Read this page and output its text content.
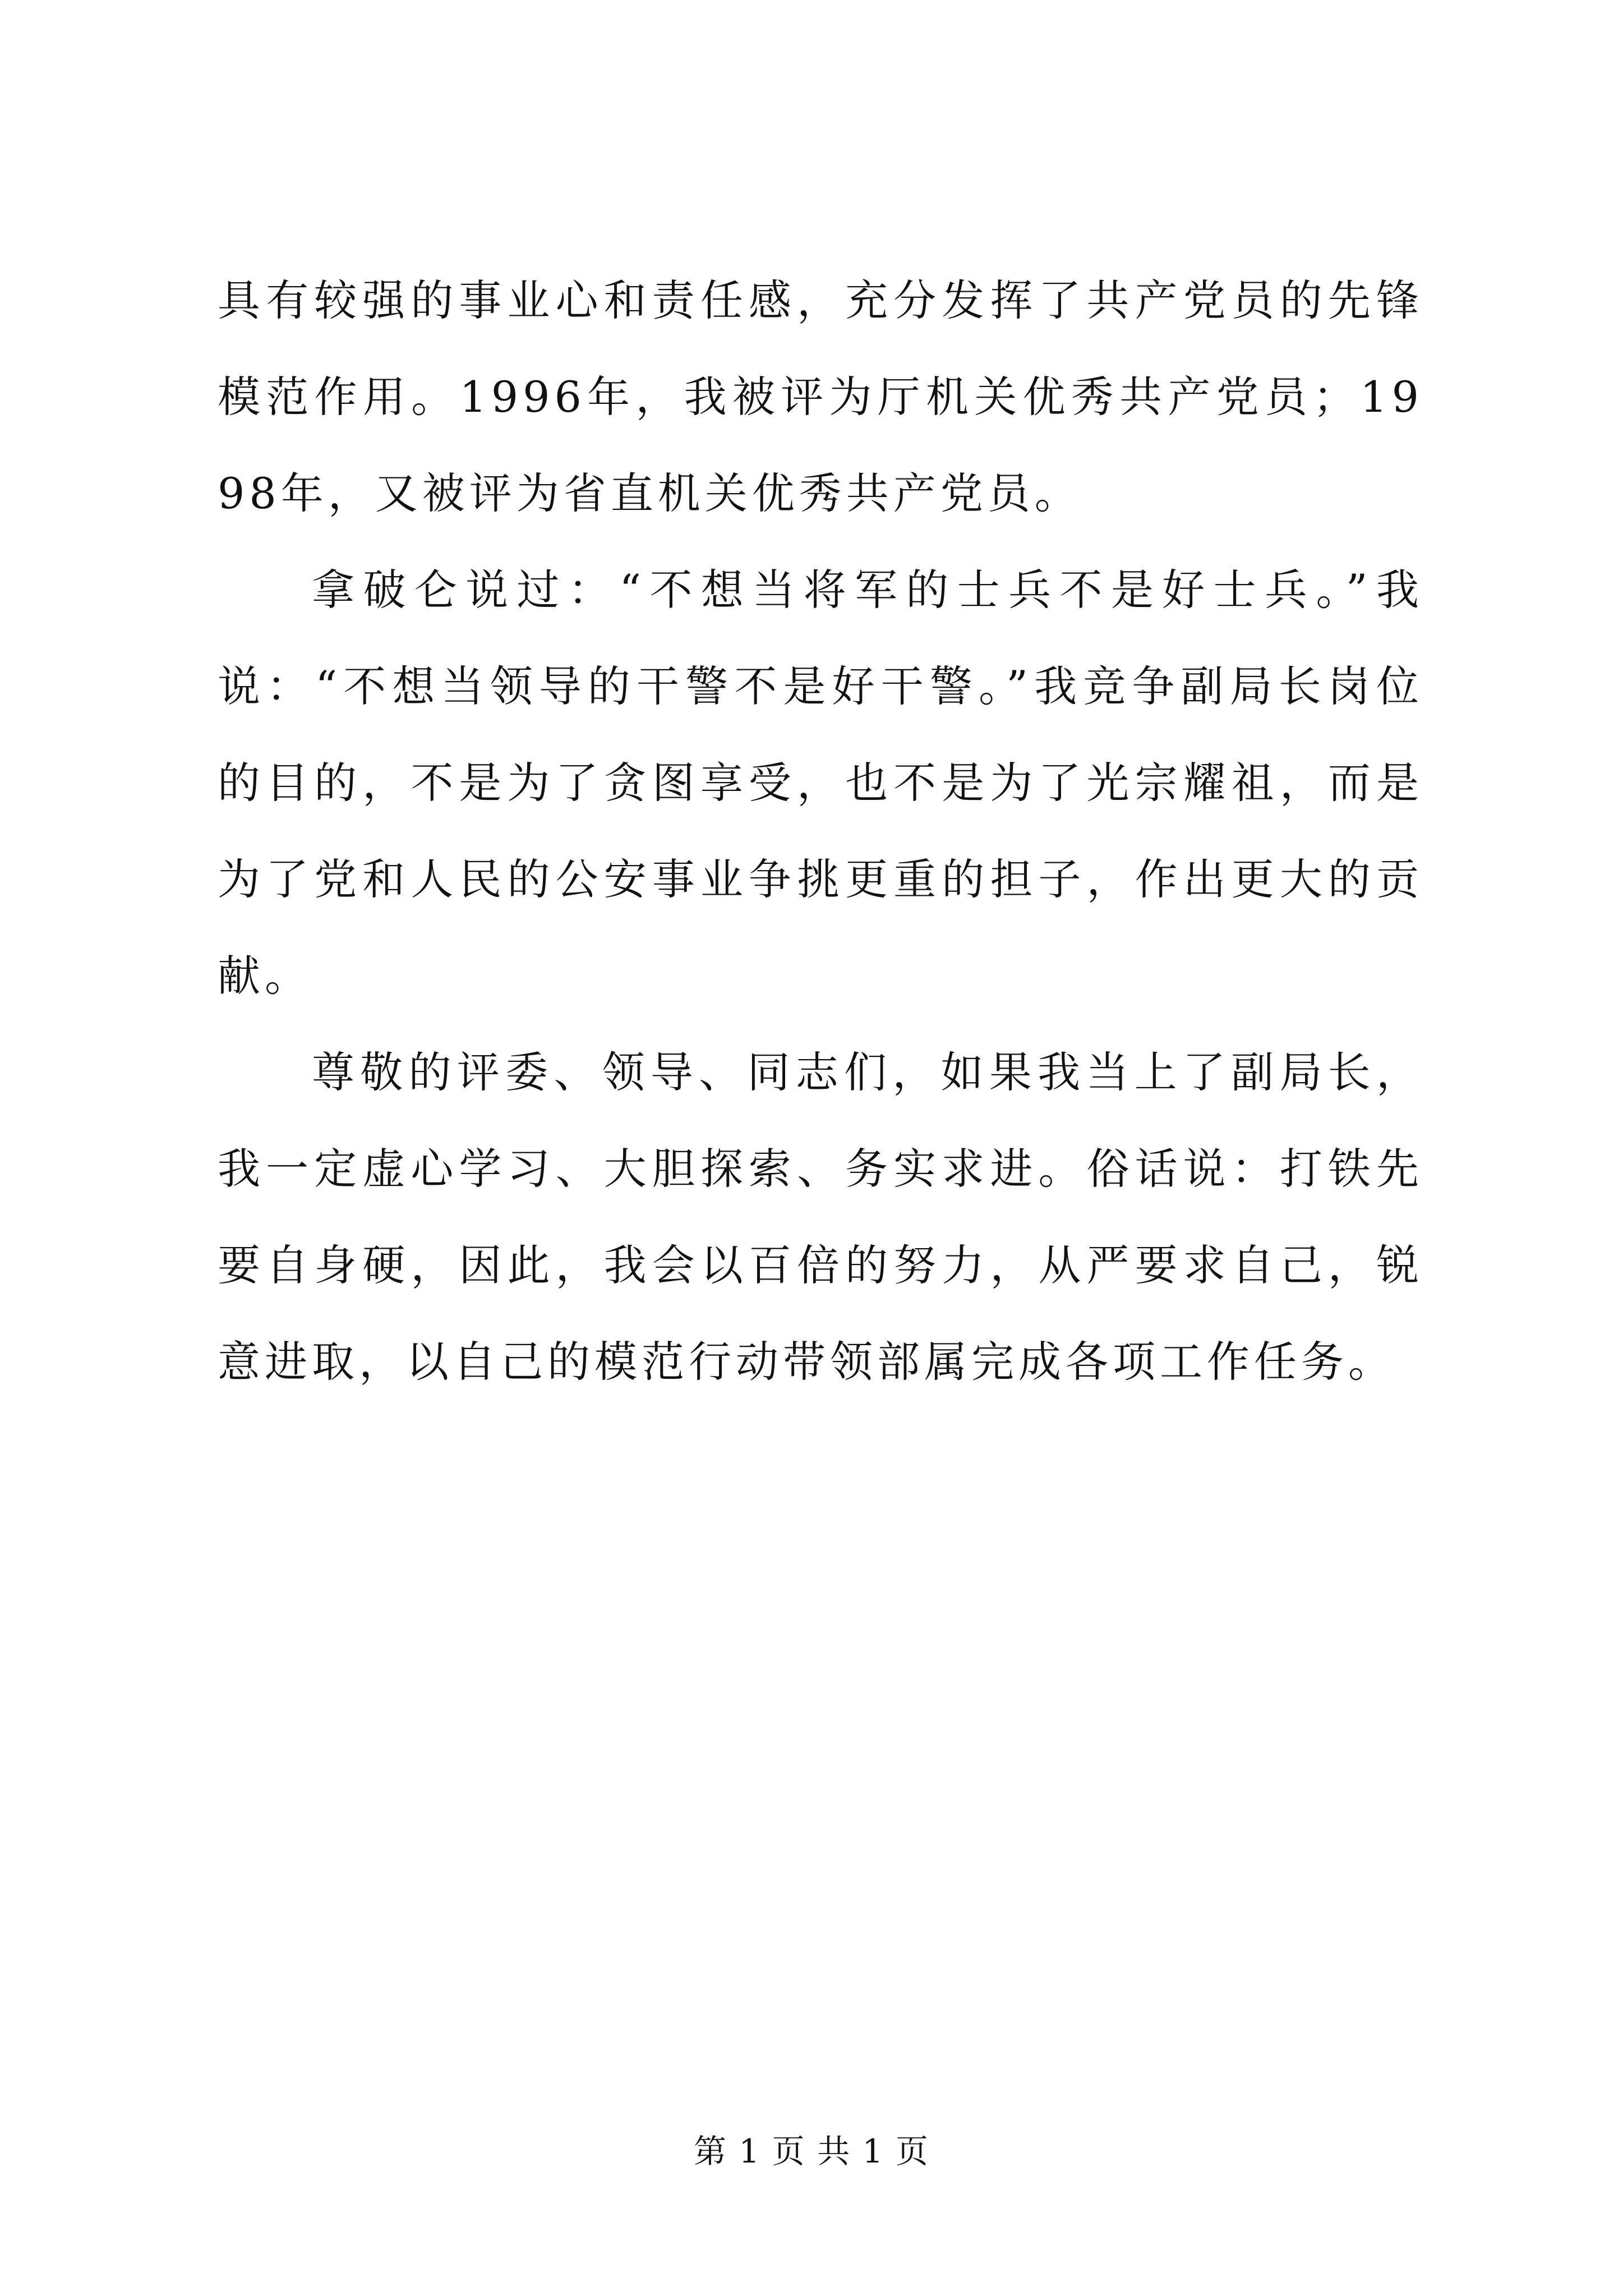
具有较强的事业心和责任感，充分发挥了共产党员的先锋模范作用。1996年，我被评为厅机关优秀共产党员；1998年，又被评为省直机关优秀共产党员。

拿破仑说过：“不想当将军的士兵不是好士兵。”我说：“不想当领导的干警不是好干警。”我竞争副局长岗位的目的，不是为了贪图享受，也不是为了光宗耀祖，而是为了党和人民的公安事业争挑更重的担子，作出更大的贡献。

尊敬的评委、领导、同志们，如果我当上了副局长，我一定虚心学习、大胆探索、务实求进。俗话说：打铁先要自身硬，因此，我会以百倍的努力，从严要求自己，锐意进取，以自己的模范行动带领部属完成各项工作任务。

第 1 页 共 1 页
